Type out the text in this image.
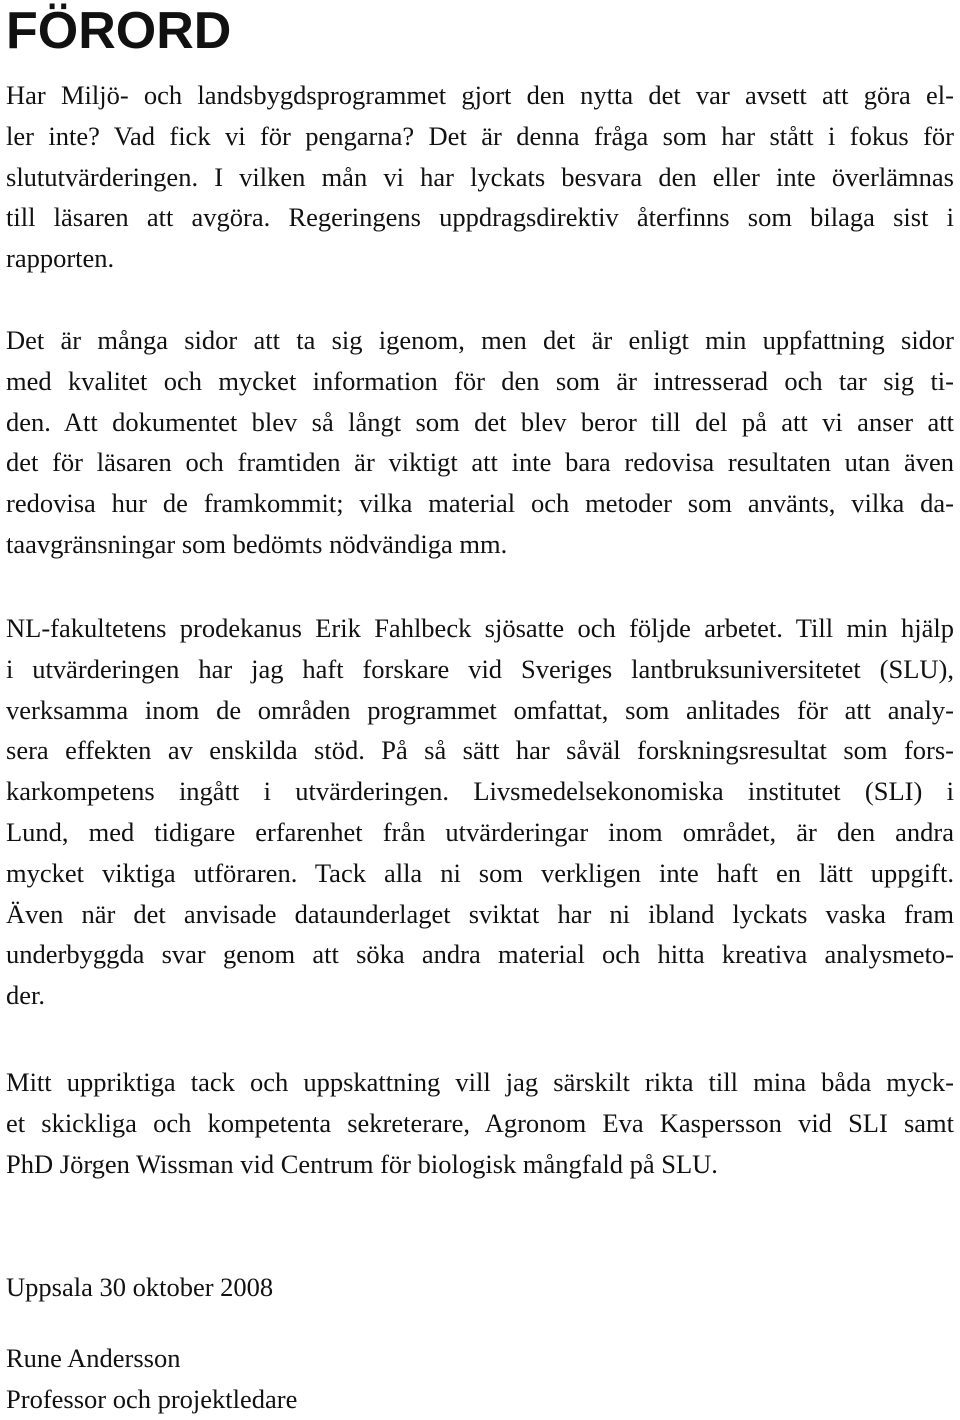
FÖRORD

Har Miljö- och landsbygdsprogrammet gjort den nytta det var avsett att göra el-
ler inte? Vad fick vi för pengarna? Det är denna fråga som har stått i fokus för
slututvärderingen. I vilken mån vi har lyckats besvara den eller inte överlämnas
till läsaren att avgöra. Regeringens uppdragsdirektiv återfinns som bilaga sist i
rapporten.

Det är många sidor att ta sig igenom, men det är enligt min uppfattning sidor
med kvalitet och mycket information för den som är intresserad och tar sig ti-
den. Att dokumentet blev så långt som det blev beror till del på att vi anser att
det för läsaren och framtiden är viktigt att inte bara redovisa resultaten utan även
redovisa hur de framkommit; vilka material och metoder som använts, vilka da-
taavgränsningar som bedömts nödvändiga mm.

NL-fakultetens prodekanus Erik Fahlbeck sjösatte och följde arbetet. Till min hjälp
i utvärderingen har jag haft forskare vid Sveriges lantbruksuniversitetet (SLU),
verksamma inom de områden programmet omfattat, som anlitades för att analy-
sera effekten av enskilda stöd. På så sätt har såväl forskningsresultat som fors-
karkompetens ingått i utvärderingen. Livsmedelsekonomiska institutet (SLI) i
Lund, med tidigare erfarenhet från utvärderingar inom området, är den andra
mycket viktiga utföraren. Tack alla ni som verkligen inte haft en lätt uppgift.
Även när det anvisade dataunderlaget sviktat har ni ibland lyckats vaska fram
underbyggda svar genom att söka andra material och hitta kreativa analysmeto-
der.

Mitt uppriktiga tack och uppskattning vill jag särskilt rikta till mina båda myck-
et skickliga och kompetenta sekreterare, Agronom Eva Kaspersson vid SLI samt
PhD Jörgen Wissman vid Centrum för biologisk mångfald på SLU.

Uppsala 30 oktober 2008

Rune Andersson
Professor och projektledare
